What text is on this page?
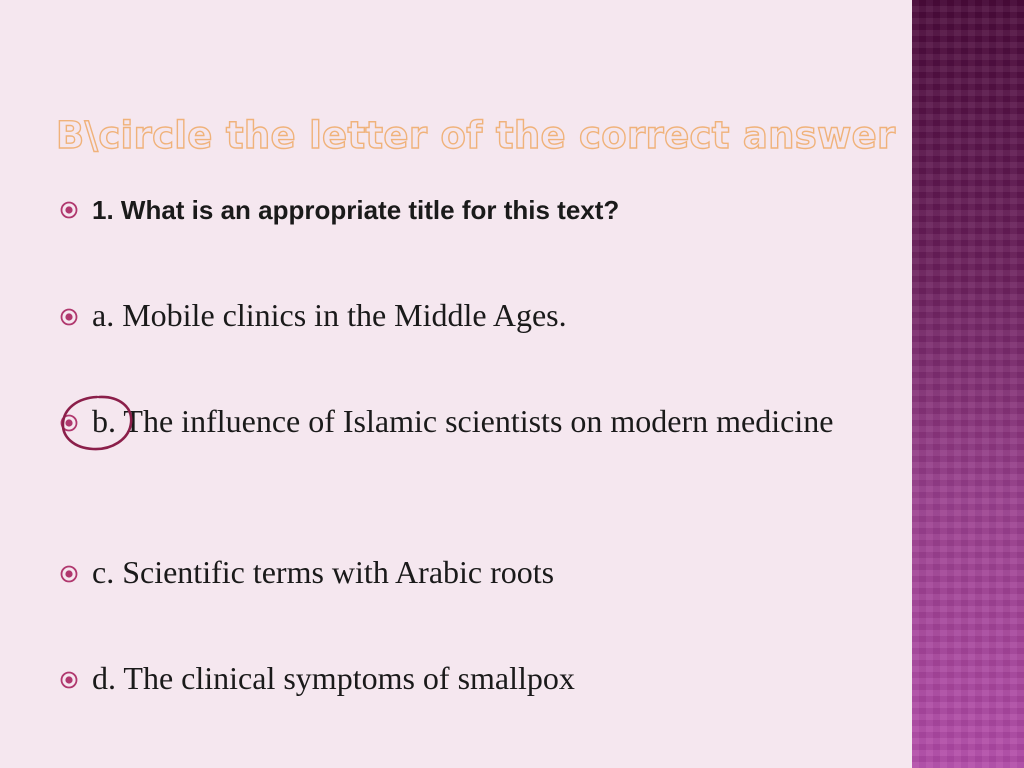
B\circle the letter of the correct answer
1. What is an appropriate title for this text?
a. Mobile clinics in the Middle Ages.
b. The influence of Islamic scientists on modern medicine
c. Scientific terms with Arabic roots
d. The clinical symptoms of smallpox
